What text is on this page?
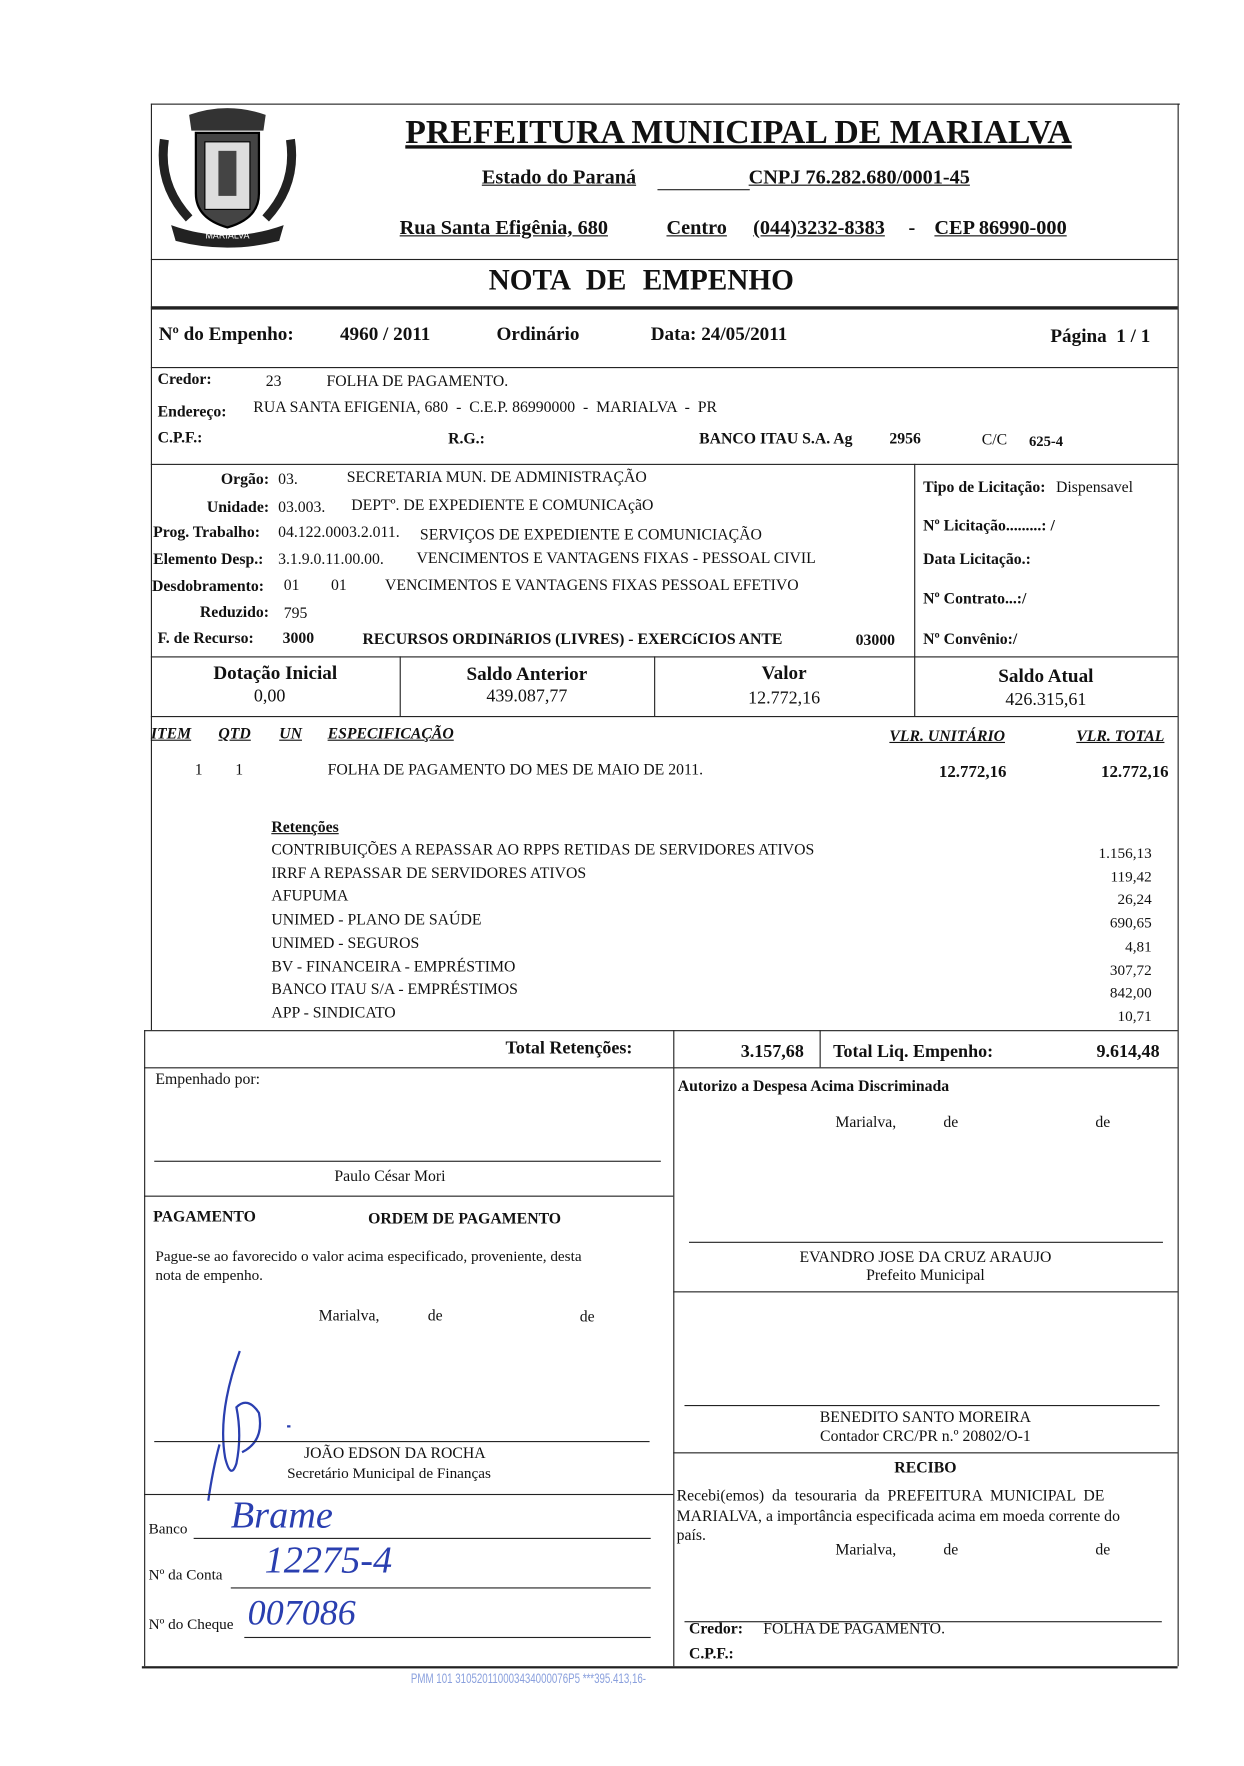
MARIALVA
PREFEITURA MUNICIPAL DE MARIALVA
Estado do Paraná	CNPJ 76.282.680/0001-45
Rua Santa Efigênia, 680	Centro (044)3232-8383 - CEP 86990-000
NOTA DE EMPENHO
Nº do Empenho:	4960 / 2011	Ordinário	Data: 24/05/2011	Página  1 / 1
Credor:	23	FOLHA DE PAGAMENTO.
Endereço: RUA SANTA EFIGENIA, 680  -  C.E.P. 86990000  -  MARIALVA  -  PR
C.P.F.:	R.G.:	BANCO ITAU S.A. Ag	2956	C/C 625-4
Orgão: 03.	SECRETARIA MUN. DE ADMINISTRAÇÃO
Unidade: 03.003. DEPTº. DE EXPEDIENTE E COMUNICAçãO
Prog. Trabalho: 04.122.0003.2.011. SERVIÇOS DE EXPEDIENTE E COMUNICIAÇÃO
Elemento Desp.: 3.1.9.0.11.00.00. VENCIMENTOS E VANTAGENS FIXAS - PESSOAL CIVIL
Desdobramento: 01 01	VENCIMENTOS E VANTAGENS FIXAS PESSOAL EFETIVO
Reduzido: 795
F. de Recurso: 3000	RECURSOS ORDINáRIOS (LIVRES) - EXERCíCIOS ANTE	03000
Tipo de Licitação: Dispensavel
Nº Licitação.........: /
Data Licitação.:
Nº Contrato...:/
Nº Convênio:/
Dotação Inicial
0,00
Saldo Anterior
439.087,77
Valor
12.772,16
Saldo Atual
426.315,61
ITEM QTD UN ESPECIFICAÇÃO	VLR. UNITÁRIO	VLR. TOTAL
1 1	FOLHA DE PAGAMENTO DO MES DE MAIO DE 2011.	12.772,16	12.772,16
Retenções
CONTRIBUIÇÕES A REPASSAR AO RPPS RETIDAS DE SERVIDORES ATIVOS	1.156,13
IRRF A REPASSAR DE SERVIDORES ATIVOS	119,42
AFUPUMA	26,24
UNIMED - PLANO DE SAÚDE	690,65
UNIMED - SEGUROS	4,81
BV - FINANCEIRA - EMPRÉSTIMO	307,72
BANCO ITAU S/A - EMPRÉSTIMOS	842,00
APP - SINDICATO	10,71
Total Retenções:	3.157,68 Total Liq. Empenho:	9.614,48
Empenhado por:
Paulo César Mori
PAGAMENTO	ORDEM DE PAGAMENTO
Pague-se ao favorecido o valor acima especificado, proveniente, desta
nota de empenho.
Marialva,	de	de
JOÃO EDSON DA ROCHA
Secretário Municipal de Finanças
Banco Brame
Nº da Conta 12275-4
Nº do Cheque 007086
Autorizo a Despesa Acima Discriminada
Marialva,	de	de
EVANDRO JOSE DA CRUZ ARAUJO
Prefeito Municipal
BENEDITO SANTO MOREIRA
Contador CRC/PR n.º 20802/O-1
RECIBO
Recebi(emos)  da  tesouraria  da  PREFEITURA  MUNICIPAL  DE
MARIALVA, a importância especificada acima em moeda corrente do
país.
Marialva,	de	de
Credor: FOLHA DE PAGAMENTO.
C.P.F.:
PMM 101 310520110003434000076P5 ***395.413,16-
